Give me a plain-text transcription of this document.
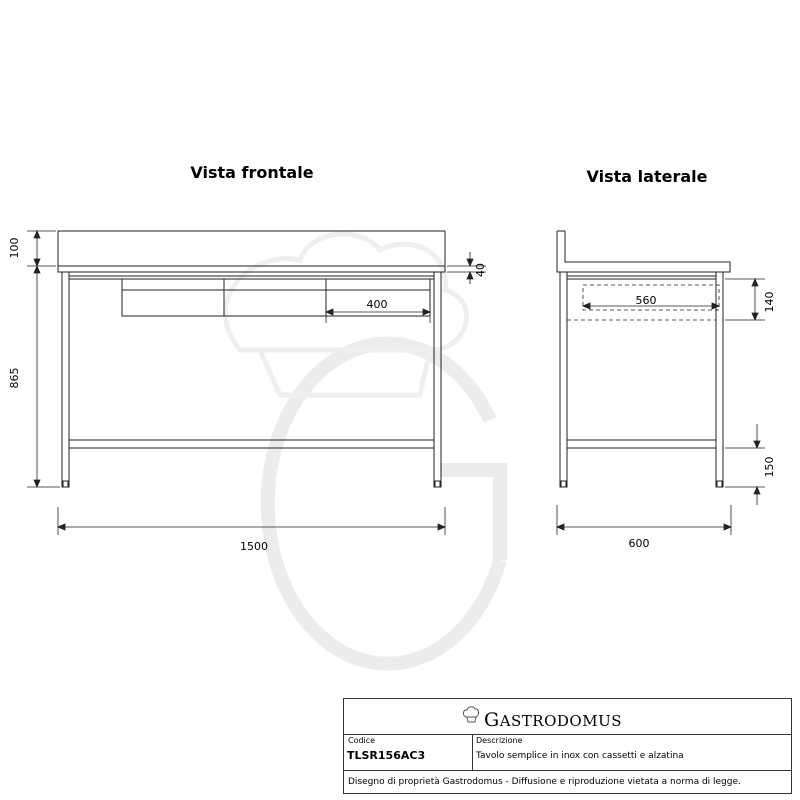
Vista frontale	Vista laterale
100
865
40
400
1500
560	140
150
600
GASTRODOMUS
Codice
TLSR156AC3
Descrizione
Tavolo semplice in inox con cassetti e alzatina
Disegno di proprietà Gastrodomus - Diffusione e riproduzione vietata a norma di legge.
